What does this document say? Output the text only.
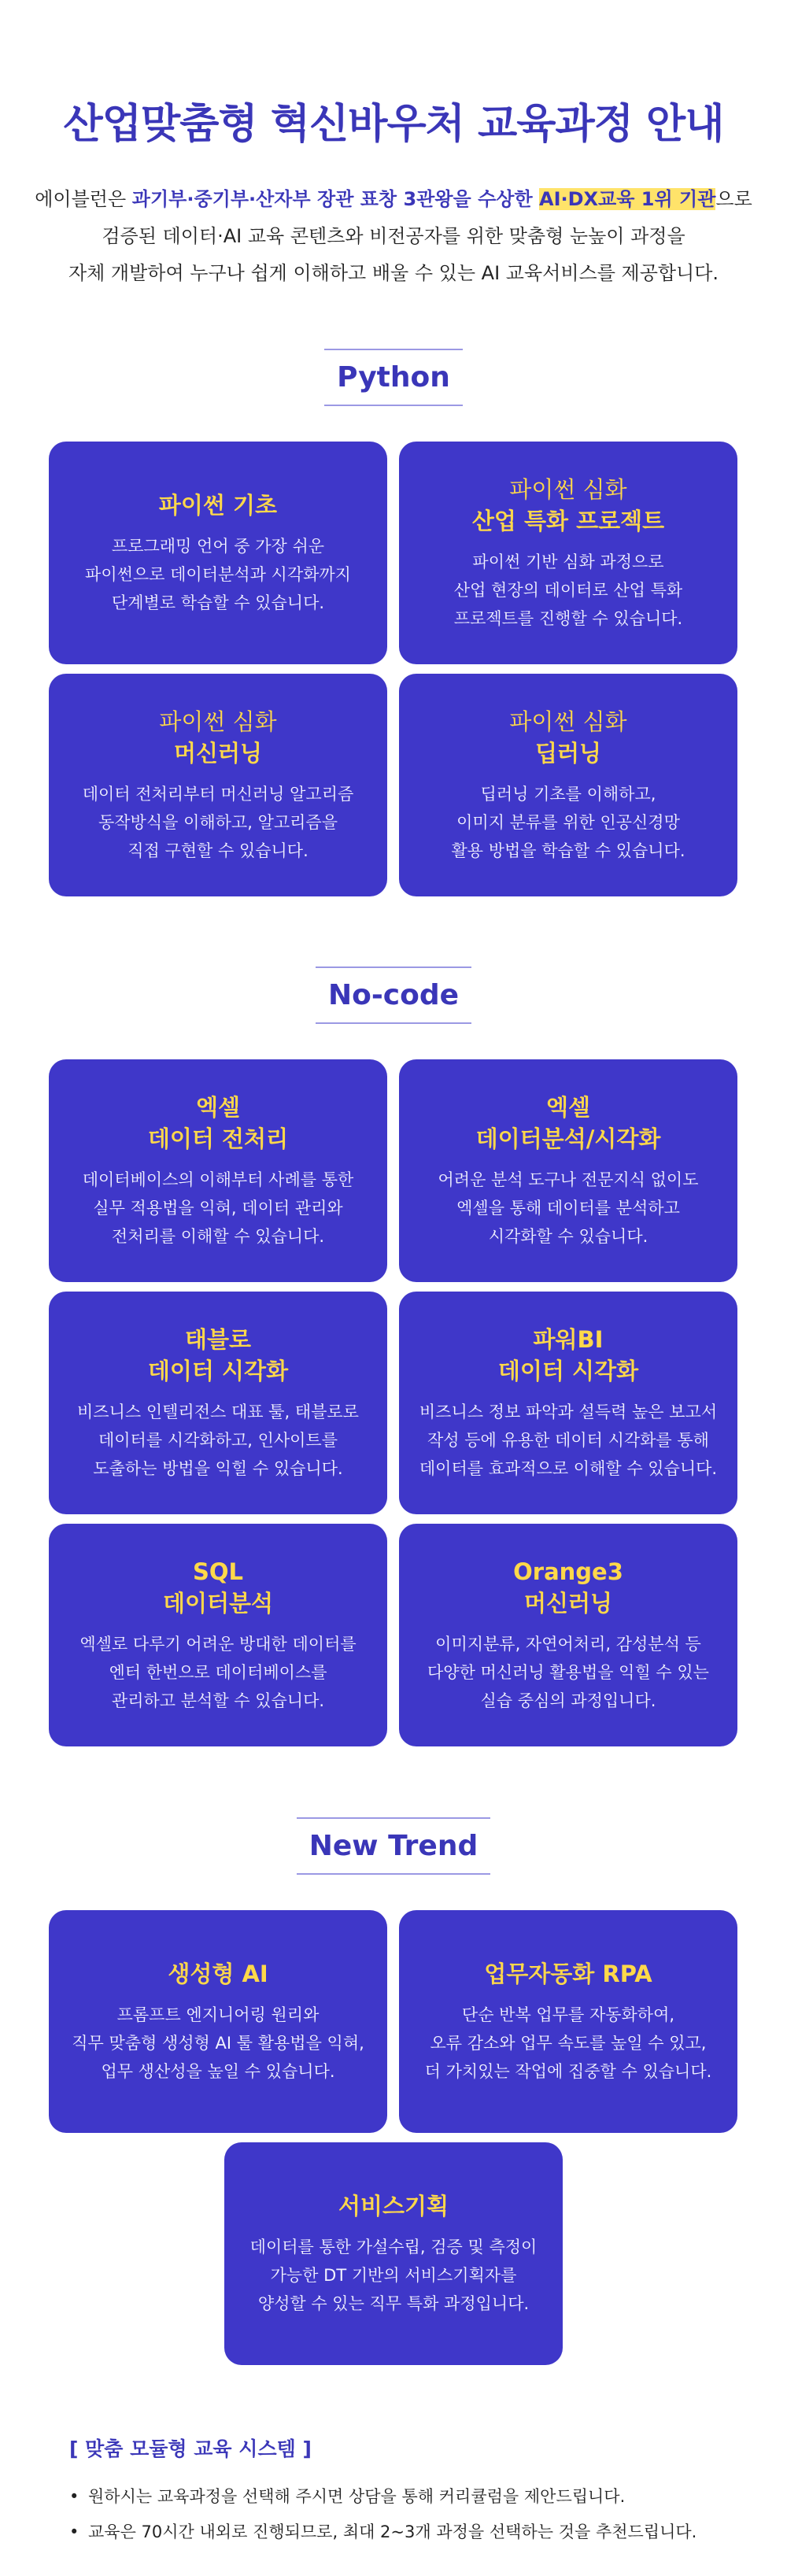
산업맞춤형 혁신바우처 교육과정 안내
에이블런은 과기부·중기부·산자부 장관 표창 3관왕을 수상한 AI·DX교육 1위 기관으로
검증된 데이터·AI 교육 콘텐츠와 비전공자를 위한 맞춤형 눈높이 과정을
자체 개발하여 누구나 쉽게 이해하고 배울 수 있는 AI 교육서비스를 제공합니다.
Python
파이썬 기초
프로그래밍 언어 중 가장 쉬운
파이썬으로 데이터분석과 시각화까지
단계별로 학습할 수 있습니다.
파이썬 심화
산업 특화 프로젝트
파이썬 기반 심화 과정으로
산업 현장의 데이터로 산업 특화
프로젝트를 진행할 수 있습니다.
파이썬 심화
머신러닝
데이터 전처리부터 머신러닝 알고리즘
동작방식을 이해하고, 알고리즘을
직접 구현할 수 있습니다.
파이썬 심화
딥러닝
딥러닝 기초를 이해하고,
이미지 분류를 위한 인공신경망
활용 방법을 학습할 수 있습니다.
No-code
엑셀
데이터 전처리
데이터베이스의 이해부터 사례를 통한
실무 적용법을 익혀, 데이터 관리와
전처리를 이해할 수 있습니다.
엑셀
데이터분석/시각화
어려운 분석 도구나 전문지식 없이도
엑셀을 통해 데이터를 분석하고
시각화할 수 있습니다.
태블로
데이터 시각화
비즈니스 인텔리전스 대표 툴, 태블로로
데이터를 시각화하고, 인사이트를
도출하는 방법을 익힐 수 있습니다.
파워BI
데이터 시각화
비즈니스 정보 파악과 설득력 높은 보고서
작성 등에 유용한 데이터 시각화를 통해
데이터를 효과적으로 이해할 수 있습니다.
SQL
데이터분석
엑셀로 다루기 어려운 방대한 데이터를
엔터 한번으로 데이터베이스를
관리하고 분석할 수 있습니다.
Orange3
머신러닝
이미지분류, 자연어처리, 감성분석 등
다양한 머신러닝 활용법을 익힐 수 있는
실습 중심의 과정입니다.
New Trend
생성형 AI
프롬프트 엔지니어링 원리와
직무 맞춤형 생성형 AI 툴 활용법을 익혀,
업무 생산성을 높일 수 있습니다.
업무자동화 RPA
단순 반복 업무를 자동화하여,
오류 감소와 업무 속도를 높일 수 있고,
더 가치있는 작업에 집중할 수 있습니다.
서비스기획
데이터를 통한 가설수립, 검증 및 측정이
가능한 DT 기반의 서비스기획자를
양성할 수 있는 직무 특화 과정입니다.
[ 맞춤 모듈형 교육 시스템 ]
• 원하시는 교육과정을 선택해 주시면 상담을 통해 커리큘럼을 제안드립니다.
• 교육은 70시간 내외로 진행되므로, 최대 2~3개 과정을 선택하는 것을 추천드립니다.
